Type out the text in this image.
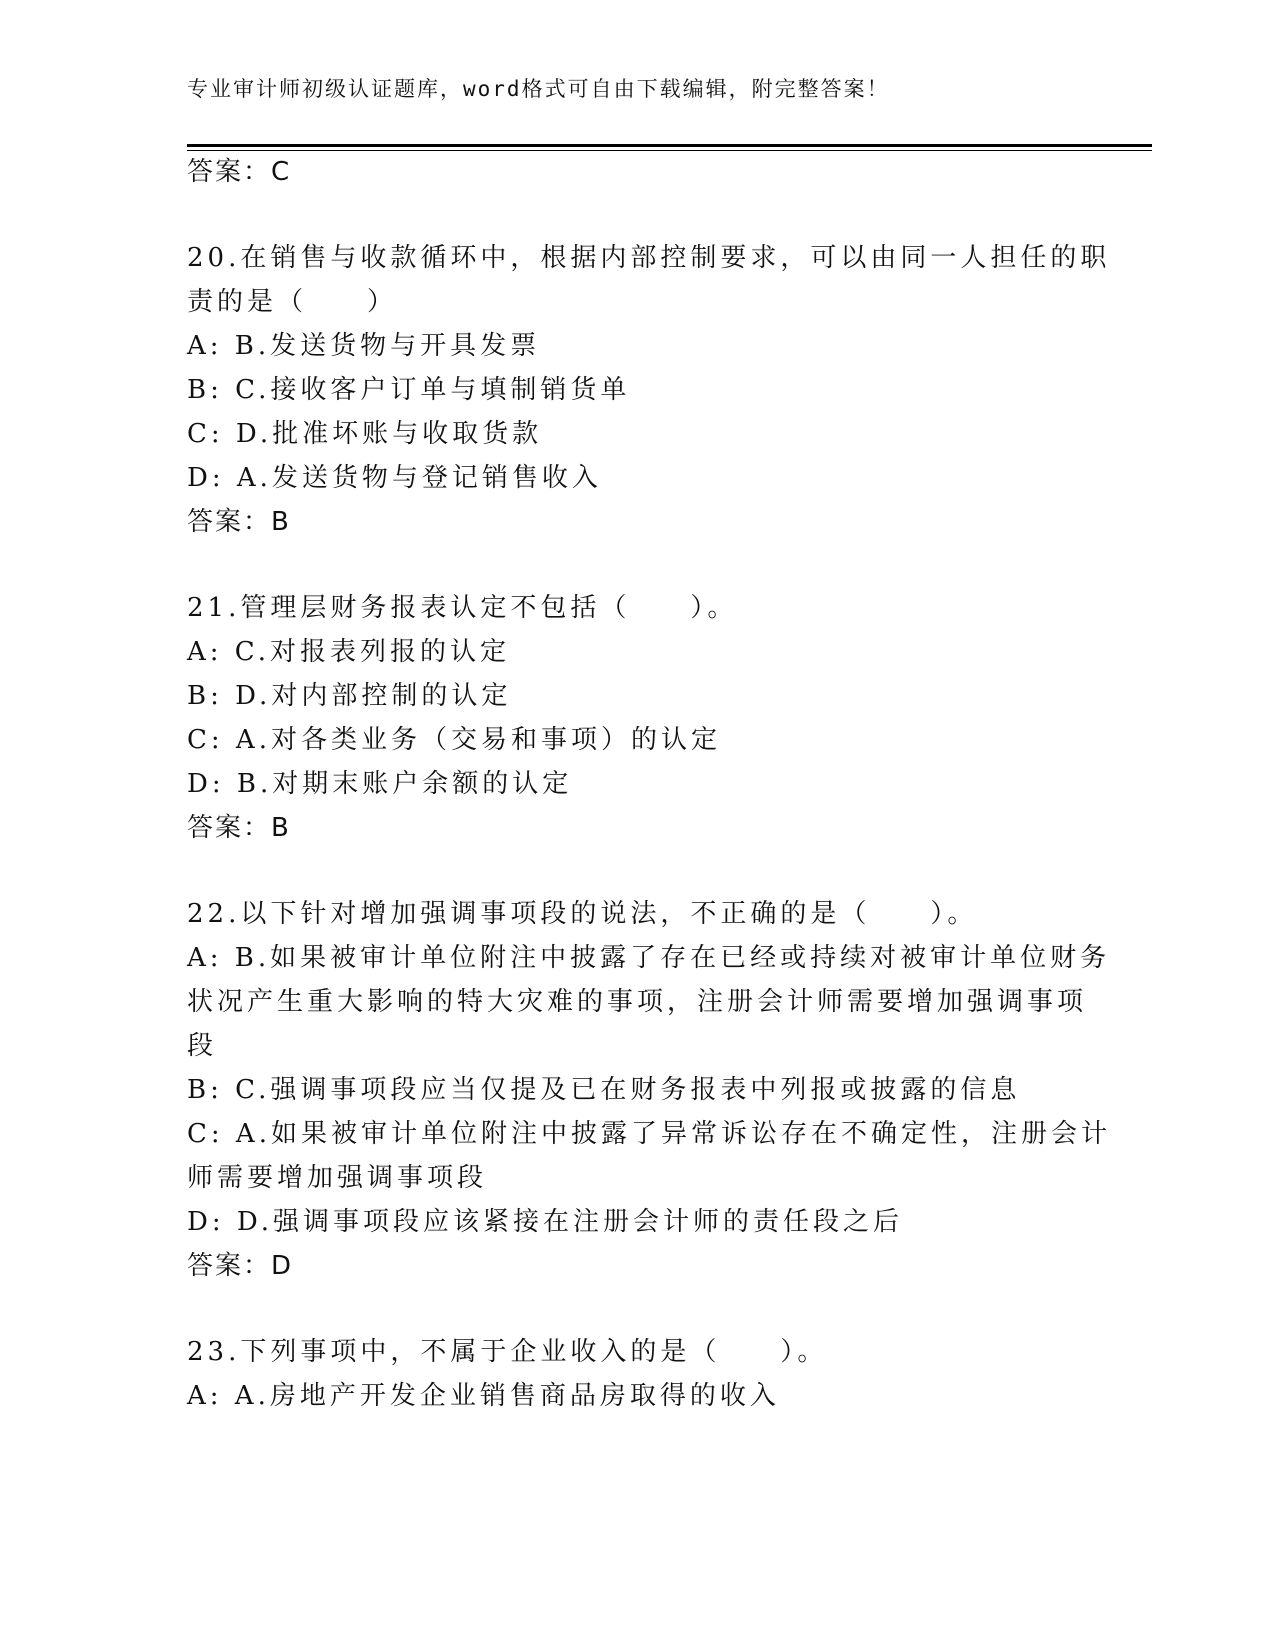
专业审计师初级认证题库，word格式可自由下载编辑，附完整答案！
答案：C
20.在销售与收款循环中，根据内部控制要求，可以由同一人担任的职
责的是（　　）
A: B.发送货物与开具发票
B: C.接收客户订单与填制销货单
C: D.批准坏账与收取货款
D: A.发送货物与登记销售收入
答案：B
21.管理层财务报表认定不包括（　　）。
A: C.对报表列报的认定
B: D.对内部控制的认定
C: A.对各类业务（交易和事项）的认定
D: B.对期末账户余额的认定
答案：B
22.以下针对增加强调事项段的说法，不正确的是（　　）。
A: B.如果被审计单位附注中披露了存在已经或持续对被审计单位财务
状况产生重大影响的特大灾难的事项，注册会计师需要增加强调事项
段
B: C.强调事项段应当仅提及已在财务报表中列报或披露的信息
C: A.如果被审计单位附注中披露了异常诉讼存在不确定性，注册会计
师需要增加强调事项段
D: D.强调事项段应该紧接在注册会计师的责任段之后
答案：D
23.下列事项中，不属于企业收入的是（　　）。
A: A.房地产开发企业销售商品房取得的收入
